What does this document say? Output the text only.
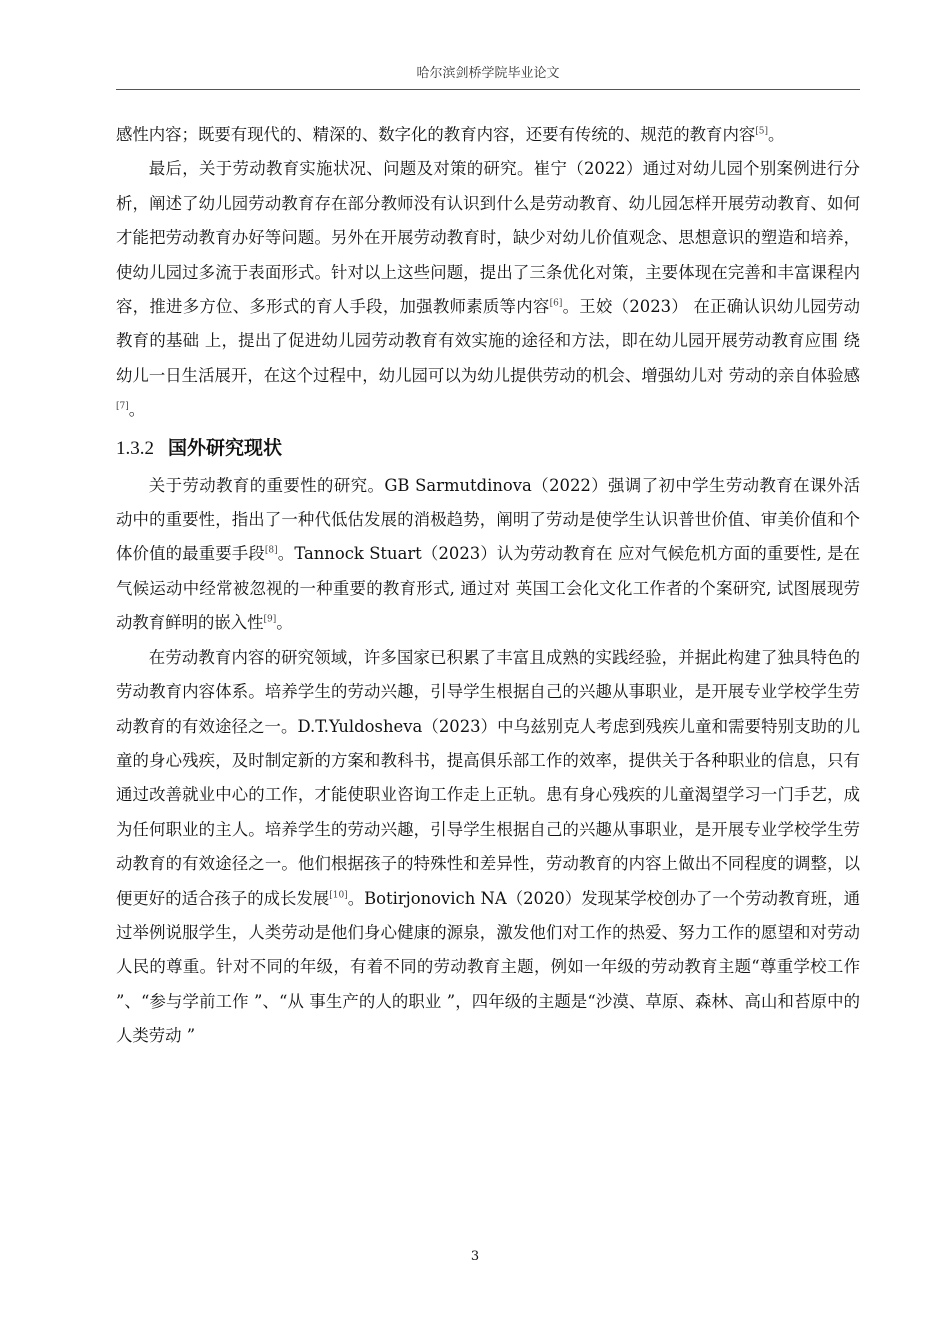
哈尔滨剑桥学院毕业论文

感性内容；既要有现代的、精深的、数字化的教育内容，还要有传统的、规范的教育内容[5]。

最后，关于劳动教育实施状况、问题及对策的研究。崔宁（2022）通过对幼儿园个别案例进行分析，阐述了幼儿园劳动教育存在部分教师没有认识到什么是劳动教育、幼儿园怎样开展劳动教育、如何才能把劳动教育办好等问题。另外在开展劳动教育时，缺少对幼儿价值观念、思想意识的塑造和培养，使幼儿园过多流于表面形式。针对以上这些问题，提出了三条优化对策，主要体现在完善和丰富课程内容，推进多方位、多形式的育人手段，加强教师素质等内容[6]。王姣（2023） 在正确认识幼儿园劳动教育的基础 上，提出了促进幼儿园劳动教育有效实施的途径和方法，即在幼儿园开展劳动教育应围 绕幼儿一日生活展开，在这个过程中，幼儿园可以为幼儿提供劳动的机会、增强幼儿对 劳动的亲自体验感[7]。

1.3.2 国外研究现状

关于劳动教育的重要性的研究。GB Sarmutdinova（2022）强调了初中学生劳动教育在课外活动中的重要性，指出了一种代低估发展的消极趋势，阐明了劳动是使学生认识普世价值、审美价值和个体价值的最重要手段[8]。Tannock Stuart（2023）认为劳动教育在 应对气候危机方面的重要性, 是在气候运动中经常被忽视的一种重要的教育形式, 通过对 英国工会化文化工作者的个案研究, 试图展现劳动教育鲜明的嵌入性[9]。

在劳动教育内容的研究领域，许多国家已积累了丰富且成熟的实践经验，并据此构建了独具特色的劳动教育内容体系。培养学生的劳动兴趣，引导学生根据自己的兴趣从事职业，是开展专业学校学生劳动教育的有效途径之一。D.T.Yuldosheva（2023）中乌兹别克人考虑到残疾儿童和需要特别支助的儿童的身心残疾，及时制定新的方案和教科书，提高俱乐部工作的效率，提供关于各种职业的信息，只有通过改善就业中心的工作，才能使职业咨询工作走上正轨。患有身心残疾的儿童渴望学习一门手艺，成为任何职业的主人。培养学生的劳动兴趣，引导学生根据自己的兴趣从事职业，是开展专业学校学生劳动教育的有效途径之一。他们根据孩子的特殊性和差异性，劳动教育的内容上做出不同程度的调整，以便更好的适合孩子的成长发展[10]。Botirjonovich NA（2020）发现某学校创办了一个劳动教育班，通过举例说服学生，人类劳动是他们身心健康的源泉，激发他们对工作的热爱、努力工作的愿望和对劳动人民的尊重。针对不同的年级，有着不同的劳动教育主题，例如一年级的劳动教育主题“尊重学校工作 ”、“参与学前工作 ”、“从 事生产的人的职业 ”，四年级的主题是“沙漠、草原、森林、高山和苔原中的人类劳动 ”

3
